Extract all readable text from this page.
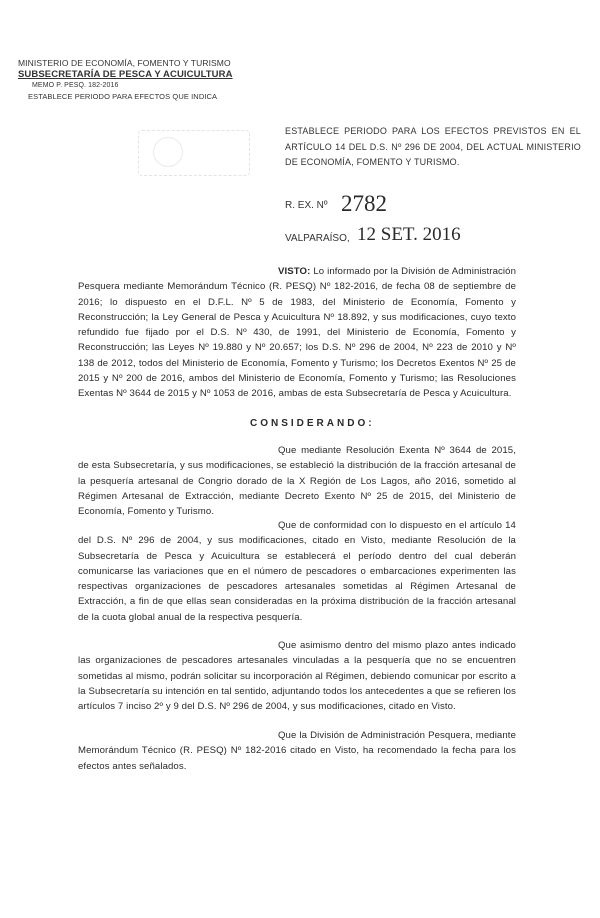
MINISTERIO DE ECONOMÍA, FOMENTO Y TURISMO
SUBSECRETARÍA DE PESCA Y ACUICULTURA
MEMO P. PESQ. 182-2016
ESTABLECE PERIODO PARA EFECTOS QUE INDICA
ESTABLECE PERIODO PARA LOS EFECTOS PREVISTOS EN EL ARTÍCULO 14 DEL D.S. Nº 296 DE 2004, DEL ACTUAL MINISTERIO DE ECONOMÍA, FOMENTO Y TURISMO.
R. EX. Nº 2782
VALPARAÍSO, 12 SET. 2016
VISTO: Lo informado por la División de Administración Pesquera mediante Memorándum Técnico (R. PESQ) Nº 182-2016, de fecha 08 de septiembre de 2016; lo dispuesto en el D.F.L. Nº 5 de 1983, del Ministerio de Economía, Fomento y Reconstrucción; la Ley General de Pesca y Acuicultura Nº 18.892, y sus modificaciones, cuyo texto refundido fue fijado por el D.S. Nº 430, de 1991, del Ministerio de Economía, Fomento y Reconstrucción; las Leyes Nº 19.880 y Nº 20.657; los D.S. Nº 296 de 2004, Nº 223 de 2010 y Nº 138 de 2012, todos del Ministerio de Economía, Fomento y Turismo; los Decretos Exentos Nº 25 de 2015 y Nº 200 de 2016, ambos del Ministerio de Economía, Fomento y Turismo; las Resoluciones Exentas Nº 3644 de 2015 y Nº 1053 de 2016, ambas de esta Subsecretaría de Pesca y Acuicultura.
CONSIDERANDO:
Que mediante Resolución Exenta Nº 3644 de 2015, de esta Subsecretaría, y sus modificaciones, se estableció la distribución de la fracción artesanal de la pesquería artesanal de Congrio dorado de la X Región de Los Lagos, año 2016, sometido al Régimen Artesanal de Extracción, mediante Decreto Exento Nº 25 de 2015, del Ministerio de Economía, Fomento y Turismo.
Que de conformidad con lo dispuesto en el artículo 14 del D.S. Nº 296 de 2004, y sus modificaciones, citado en Visto, mediante Resolución de la Subsecretaría de Pesca y Acuicultura se establecerá el período dentro del cual deberán comunicarse las variaciones que en el número de pescadores o embarcaciones experimenten las respectivas organizaciones de pescadores artesanales sometidas al Régimen Artesanal de Extracción, a fin de que ellas sean consideradas en la próxima distribución de la fracción artesanal de la cuota global anual de la respectiva pesquería.
Que asimismo dentro del mismo plazo antes indicado las organizaciones de pescadores artesanales vinculadas a la pesquería que no se encuentren sometidas al mismo, podrán solicitar su incorporación al Régimen, debiendo comunicar por escrito a la Subsecretaría su intención en tal sentido, adjuntando todos los antecedentes a que se refieren los artículos 7 inciso 2º y 9 del D.S. Nº 296 de 2004, y sus modificaciones, citado en Visto.
Que la División de Administración Pesquera, mediante Memorándum Técnico (R. PESQ) Nº 182-2016 citado en Visto, ha recomendado la fecha para los efectos antes señalados.
